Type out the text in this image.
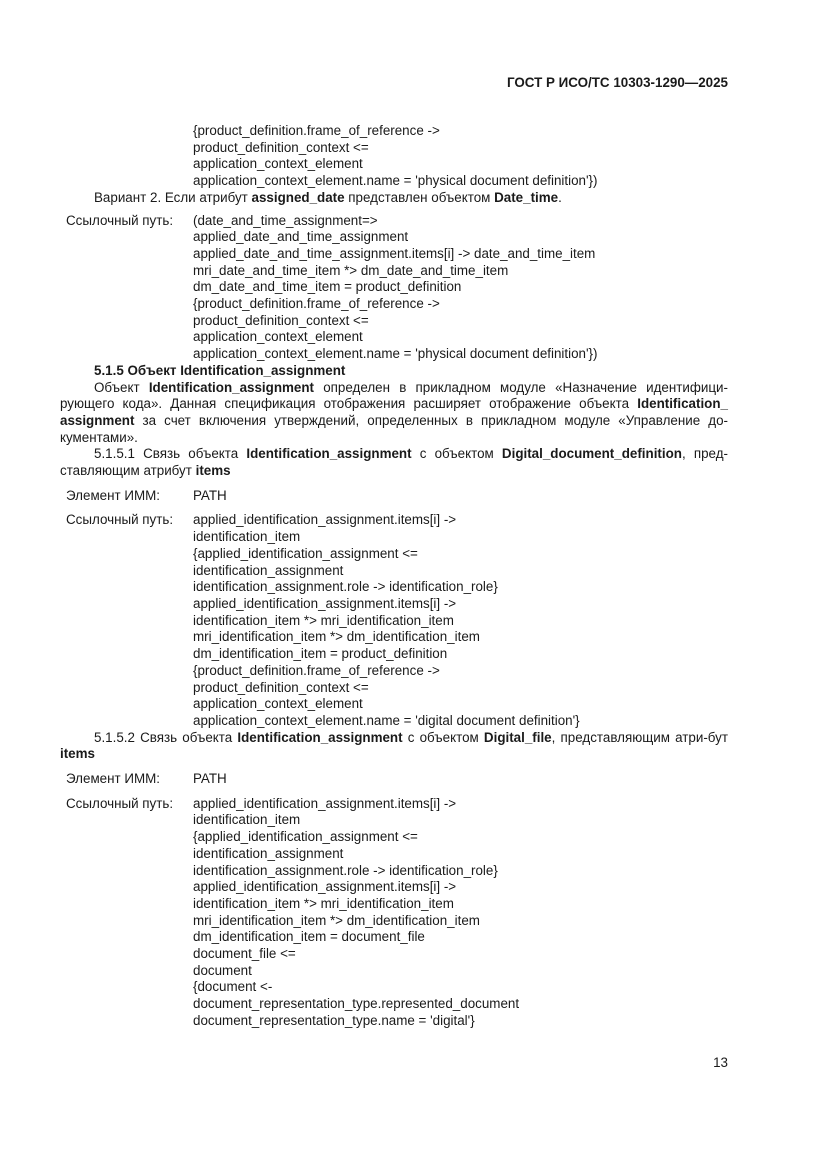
ГОСТ Р ИСО/ТС 10303-1290—2025
{product_definition.frame_of_reference ->
product_definition_context <=
application_context_element
application_context_element.name = 'physical document definition'})
Вариант 2. Если атрибут assigned_date представлен объектом Date_time.
Ссылочный путь:	(date_and_time_assignment=>
applied_date_and_time_assignment
applied_date_and_time_assignment.items[i] -> date_and_time_item
mri_date_and_time_item *> dm_date_and_time_item
dm_date_and_time_item = product_definition
{product_definition.frame_of_reference ->
product_definition_context <=
application_context_element
application_context_element.name = 'physical document definition'})
5.1.5 Объект Identification_assignment
Объект Identification_assignment определен в прикладном модуле «Назначение идентифици-рующего кода». Данная спецификация отображения расширяет отображение объекта Identification_ assignment за счет включения утверждений, определенных в прикладном модуле «Управление до-кументами».
5.1.5.1 Связь объекта Identification_assignment с объектом Digital_document_definition, пред-ставляющим атрибут items
Элемент ИММ:	PATH
Ссылочный путь:	applied_identification_assignment.items[i] ->
identification_item
{applied_identification_assignment <=
identification_assignment
identification_assignment.role -> identification_role}
applied_identification_assignment.items[i] ->
identification_item *> mri_identification_item
mri_identification_item *> dm_identification_item
dm_identification_item = product_definition
{product_definition.frame_of_reference ->
product_definition_context <=
application_context_element
application_context_element.name = 'digital document definition'}
5.1.5.2 Связь объекта Identification_assignment с объектом Digital_file, представляющим атри-бут items
Элемент ИММ:	PATH
Ссылочный путь:	applied_identification_assignment.items[i] ->
identification_item
{applied_identification_assignment <=
identification_assignment
identification_assignment.role -> identification_role}
applied_identification_assignment.items[i] ->
identification_item *> mri_identification_item
mri_identification_item *> dm_identification_item
dm_identification_item = document_file
document_file <=
document
{document <-
document_representation_type.represented_document
document_representation_type.name = 'digital'}
13
